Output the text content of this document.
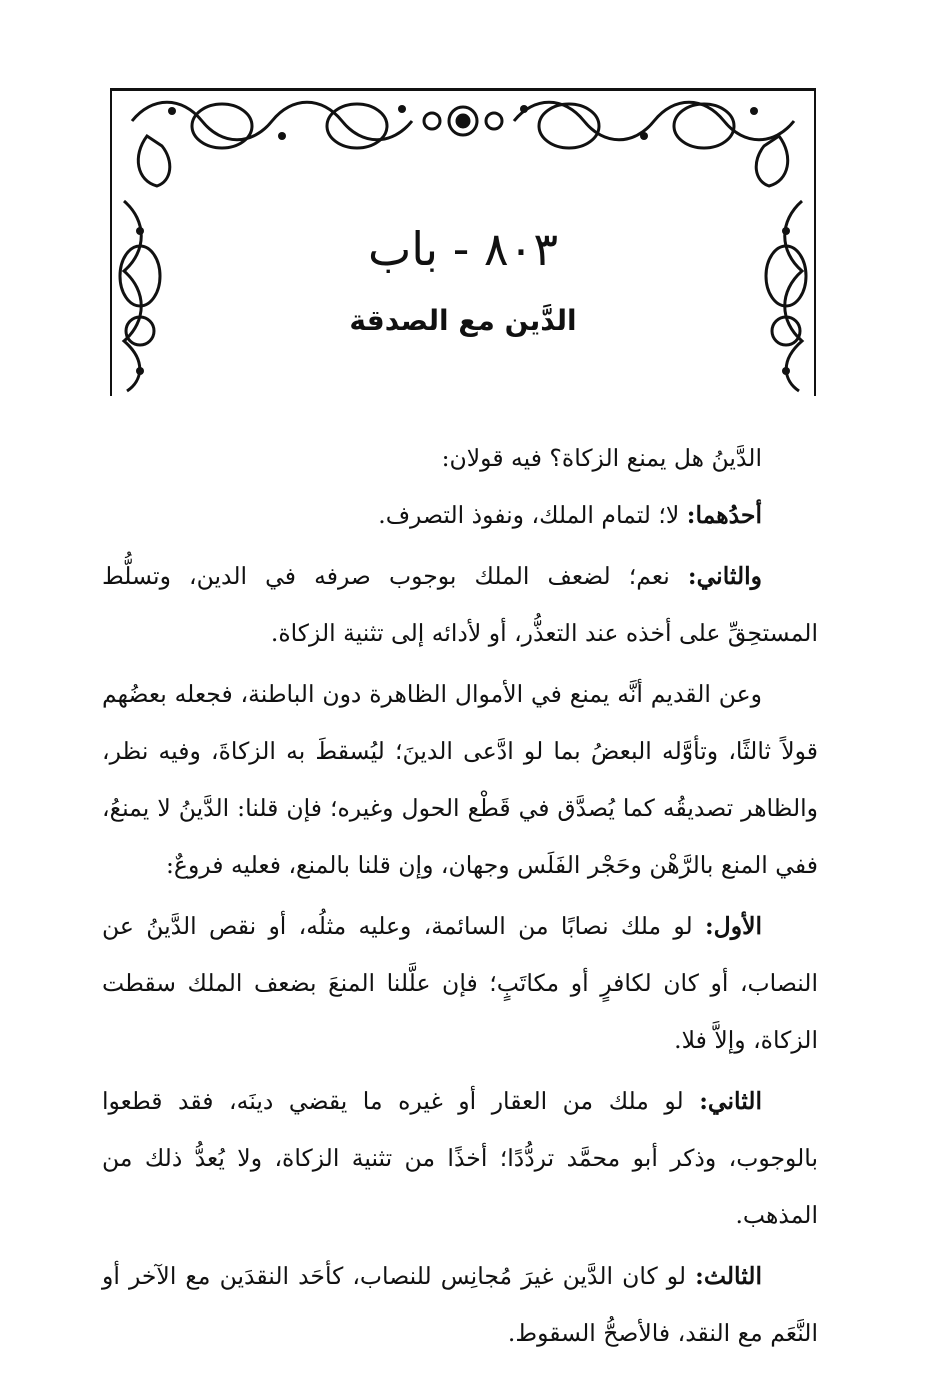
٨٠٣ - باب
الدَّين مع الصدقة

الدَّينُ هل يمنع الزكاة؟ فيه قولان:

أحدُهما: لا؛ لتمام الملك، ونفوذ التصرف.

والثاني: نعم؛ لضعف الملك بوجوب صرفه في الدين، وتسلُّط المستحِقِّ على أخذه عند التعذُّر، أو لأدائه إلى تثنية الزكاة.

وعن القديم أنَّه يمنع في الأموال الظاهرة دون الباطنة، فجعله بعضُهم قولاً ثالثًا، وتأوَّله البعضُ بما لو ادَّعى الدينَ؛ ليُسقطَ به الزكاةَ، وفيه نظر، والظاهر تصديقُه كما يُصدَّق في قَطْع الحول وغيره؛ فإن قلنا: الدَّينُ لا يمنعُ، ففي المنع بالرَّهْن وحَجْر الفَلَس وجهان، وإن قلنا بالمنع، فعليه فروعٌ:

الأول: لو ملك نصابًا من السائمة، وعليه مثلُه، أو نقص الدَّينُ عن النصاب، أو كان لكافرٍ أو مكاتَبٍ؛ فإن علَّلنا المنعَ بضعف الملك سقطت الزكاة، وإلاَّ فلا.

الثاني: لو ملك من العقار أو غيره ما يقضي دينَه، فقد قطعوا بالوجوب، وذكر أبو محمَّد تردُّدًا؛ أخذًا من تثنية الزكاة، ولا يُعدُّ ذلك من المذهب.

الثالث: لو كان الدَّين غيرَ مُجانِس للنصاب، كأحَد النقدَين مع الآخر أو النَّعَم مع النقد، فالأصحُّ السقوط.
